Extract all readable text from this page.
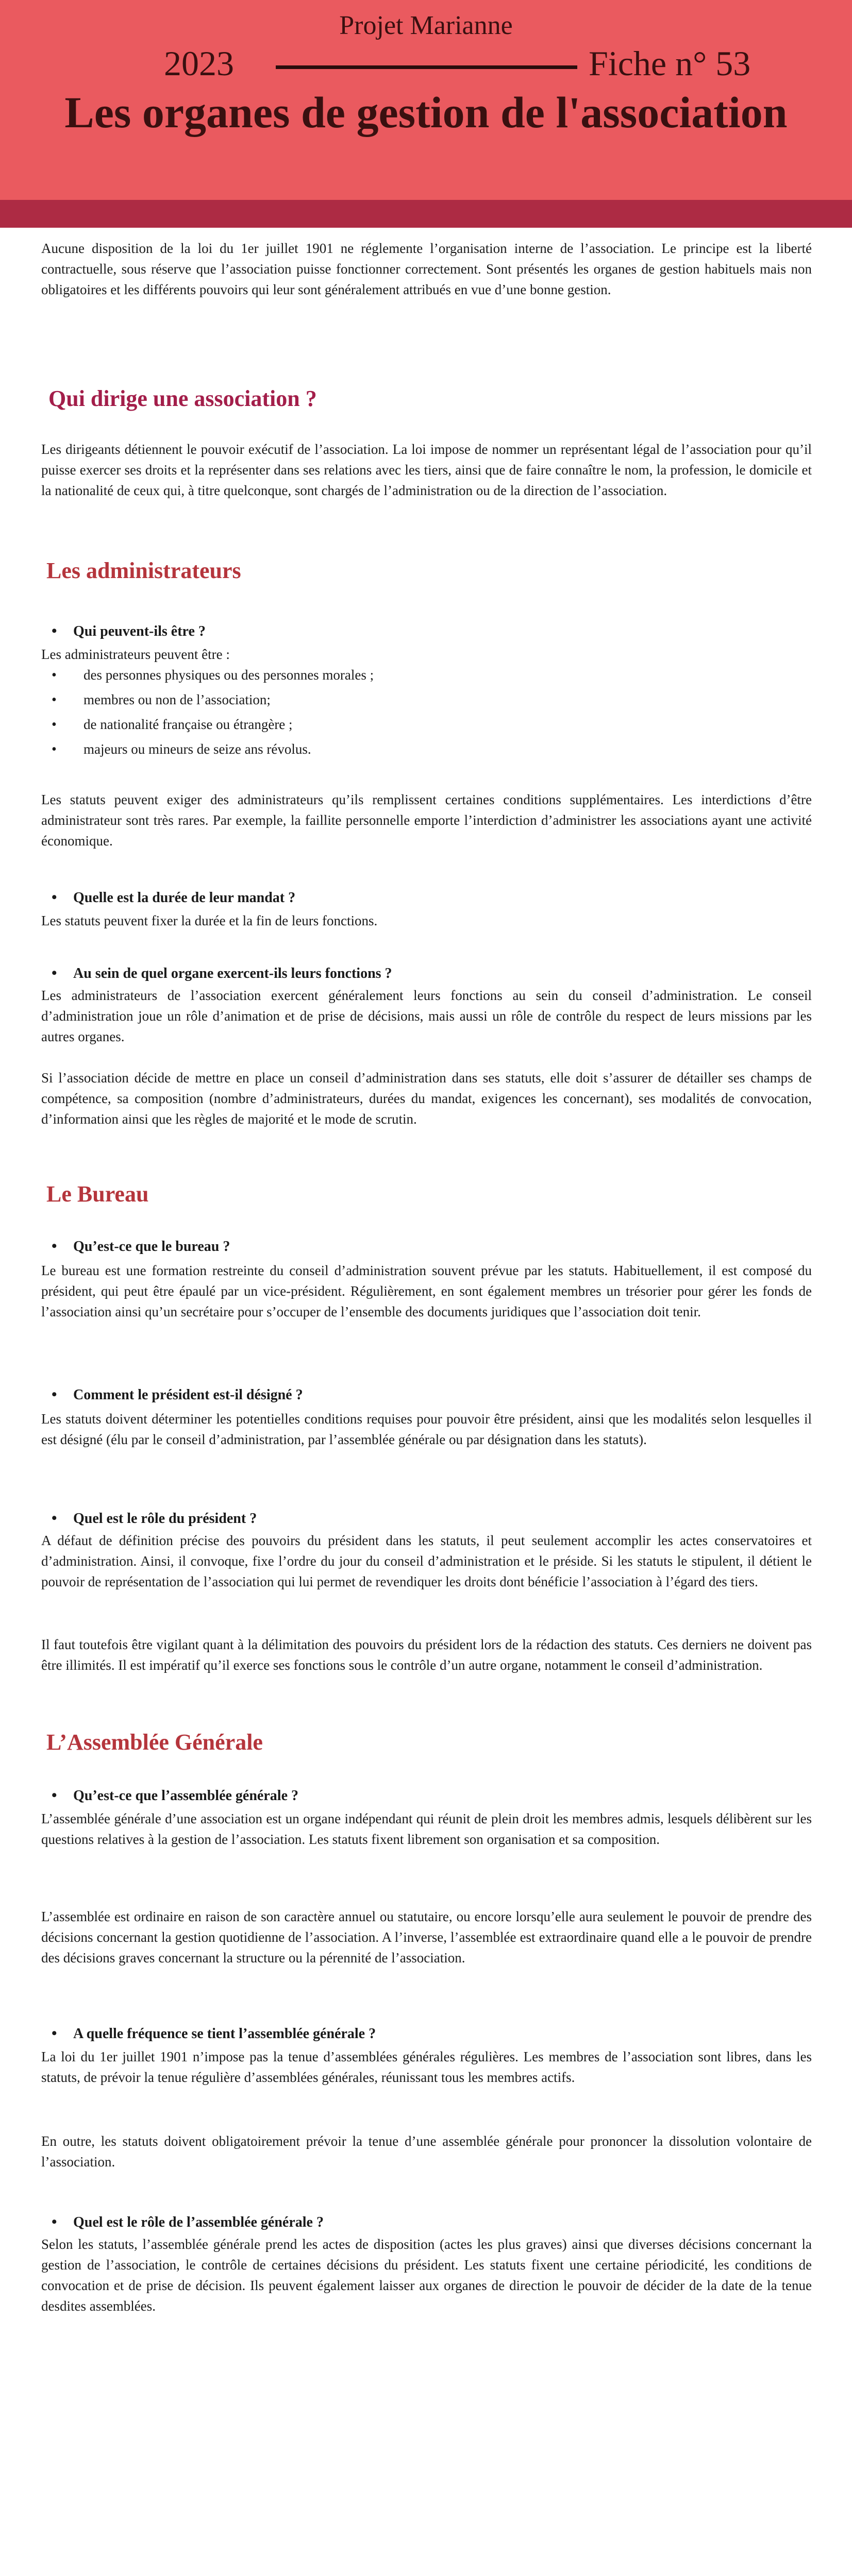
Projet Marianne
2023	Fiche n° 53
Les organes de gestion de l'association

Aucune disposition de la loi du 1er juillet 1901 ne réglemente l’organisation interne de l’association. Le principe est la liberté contractuelle, sous réserve que l’association puisse fonctionner correctement. Sont présentés les organes de gestion habituels mais non obligatoires et les différents pouvoirs qui leur sont généralement attribués en vue d’une bonne gestion.

Qui dirige une association ?

Les dirigeants détiennent le pouvoir exécutif de l’association. La loi impose de nommer un représentant légal de l’association pour qu’il puisse exercer ses droits et la représenter dans ses relations avec les tiers, ainsi que de faire connaître le nom, la profession, le domicile et la nationalité de ceux qui, à titre quelconque, sont chargés de l’administration ou de la direction de l’association.

Les administrateurs

• Qui peuvent-ils être ?

Les administrateurs peuvent être :

• des personnes physiques ou des personnes morales ;

• membres ou non de l’association;

• de nationalité française ou étrangère ;

• majeurs ou mineurs de seize ans révolus.

Les statuts peuvent exiger des administrateurs qu’ils remplissent certaines conditions supplémentaires. Les interdictions d’être administrateur sont très rares. Par exemple, la faillite personnelle emporte l’interdiction d’administrer les associations ayant une activité économique.

• Quelle est la durée de leur mandat ?

Les statuts peuvent fixer la durée et la fin de leurs fonctions.

• Au sein de quel organe exercent-ils leurs fonctions ?

Les administrateurs de l’association exercent généralement leurs fonctions au sein du conseil d’administration. Le conseil d’administration joue un rôle d’animation et de prise de décisions, mais aussi un rôle de contrôle du respect de leurs missions par les autres organes.

Si l’association décide de mettre en place un conseil d’administration dans ses statuts, elle doit s’assurer de détailler ses champs de compétence, sa composition (nombre d’administrateurs, durées du mandat, exigences les concernant), ses modalités de convocation, d’information ainsi que les règles de majorité et le mode de scrutin.

Le Bureau

• Qu’est-ce que le bureau ?

Le bureau est une formation restreinte du conseil d’administration souvent prévue par les statuts. Habituellement, il est composé du président, qui peut être épaulé par un vice-président. Régulièrement, en sont également membres un trésorier pour gérer les fonds de l’association ainsi qu’un secrétaire pour s’occuper de l’ensemble des documents juridiques que l’association doit tenir.

• Comment le président est-il désigné ?

Les statuts doivent déterminer les potentielles conditions requises pour pouvoir être président, ainsi que les modalités selon lesquelles il est désigné (élu par le conseil d’administration, par l’assemblée générale ou par désignation dans les statuts).

• Quel est le rôle du président ?

A défaut de définition précise des pouvoirs du président dans les statuts, il peut seulement accomplir les actes conservatoires et d’administration. Ainsi, il convoque, fixe l’ordre du jour du conseil d’administration et le préside. Si les statuts le stipulent, il détient le pouvoir de représentation de l’association qui lui permet de revendiquer les droits dont bénéficie l’association à l’égard des tiers.

Il faut toutefois être vigilant quant à la délimitation des pouvoirs du président lors de la rédaction des statuts. Ces derniers ne doivent pas être illimités. Il est impératif qu’il exerce ses fonctions sous le contrôle d’un autre organe, notamment le conseil d’administration.

L’Assemblée Générale

• Qu’est-ce que l’assemblée générale ?

L’assemblée générale d’une association est un organe indépendant qui réunit de plein droit les membres admis, lesquels délibèrent sur les questions relatives à la gestion de l’association. Les statuts fixent librement son organisation et sa composition.

L’assemblée est ordinaire en raison de son caractère annuel ou statutaire, ou encore lorsqu’elle aura seulement le pouvoir de prendre des décisions concernant la gestion quotidienne de l’association. A l’inverse, l’assemblée est extraordinaire quand elle a le pouvoir de prendre des décisions graves concernant la structure ou la pérennité de l’association.

• A quelle fréquence se tient l’assemblée générale ?

La loi du 1er juillet 1901 n’impose pas la tenue d’assemblées générales régulières. Les membres de l’association sont libres, dans les statuts, de prévoir la tenue régulière d’assemblées générales, réunissant tous les membres actifs.

En outre, les statuts doivent obligatoirement prévoir la tenue d’une assemblée générale pour prononcer la dissolution volontaire de l’association.

• Quel est le rôle de l’assemblée générale ?

Selon les statuts, l’assemblée générale prend les actes de disposition (actes les plus graves) ainsi que diverses décisions concernant la gestion de l’association, le contrôle de certaines décisions du président. Les statuts fixent une certaine périodicité, les conditions de convocation et de prise de décision. Ils peuvent également laisser aux organes de direction le pouvoir de décider de la date de la tenue desdites assemblées.
